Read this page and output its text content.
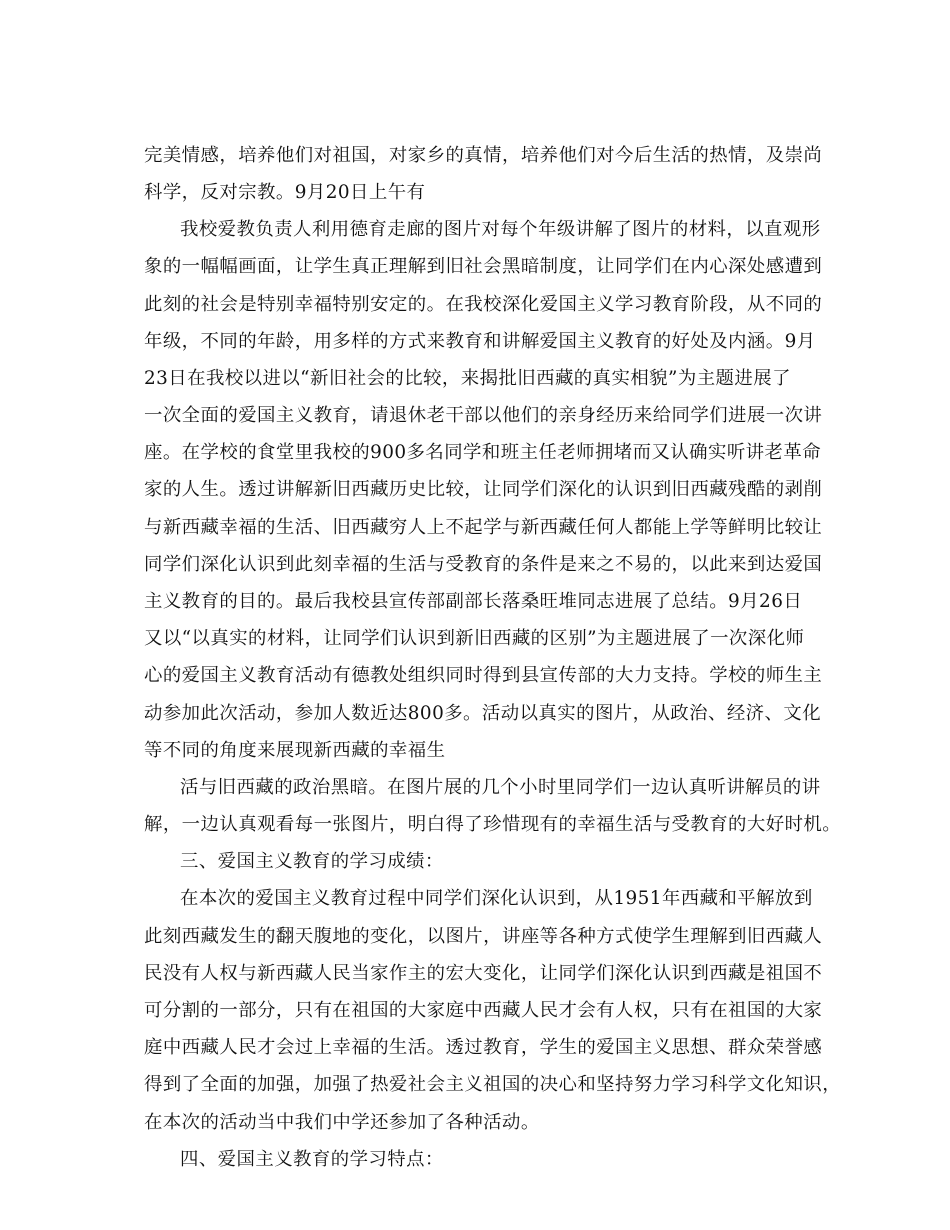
完美情感，培养他们对祖国，对家乡的真情，培养他们对今后生活的热情，及崇尚
科学，反对宗教。9月20日上午有
我校爱教负责人利用德育走廊的图片对每个年级讲解了图片的材料，以直观形
象的一幅幅画面，让学生真正理解到旧社会黑暗制度，让同学们在内心深处感遭到
此刻的社会是特别幸福特别安定的。在我校深化爱国主义学习教育阶段，从不同的
年级，不同的年龄，用多样的方式来教育和讲解爱国主义教育的好处及内涵。9月
23日在我校以进以“新旧社会的比较，来揭批旧西藏的真实相貌”为主题进展了
一次全面的爱国主义教育，请退休老干部以他们的亲身经历来给同学们进展一次讲
座。在学校的食堂里我校的900多名同学和班主任老师拥堵而又认确实听讲老革命
家的人生。透过讲解新旧西藏历史比较，让同学们深化的认识到旧西藏残酷的剥削
与新西藏幸福的生活、旧西藏穷人上不起学与新西藏任何人都能上学等鲜明比较让
同学们深化认识到此刻幸福的生活与受教育的条件是来之不易的，以此来到达爱国
主义教育的目的。最后我校县宣传部副部长落桑旺堆同志进展了总结。9月26日
又以“以真实的材料，让同学们认识到新旧西藏的区别”为主题进展了一次深化师
心的爱国主义教育活动有德教处组织同时得到县宣传部的大力支持。学校的师生主
动参加此次活动，参加人数近达800多。活动以真实的图片，从政治、经济、文化
等不同的角度来展现新西藏的幸福生
活与旧西藏的政治黑暗。在图片展的几个小时里同学们一边认真听讲解员的讲
解，一边认真观看每一张图片，明白得了珍惜现有的幸福生活与受教育的大好时机。
三、爱国主义教育的学习成绩：
在本次的爱国主义教育过程中同学们深化认识到，从1951年西藏和平解放到
此刻西藏发生的翻天腹地的变化，以图片，讲座等各种方式使学生理解到旧西藏人
民没有人权与新西藏人民当家作主的宏大变化，让同学们深化认识到西藏是祖国不
可分割的一部分，只有在祖国的大家庭中西藏人民才会有人权，只有在祖国的大家
庭中西藏人民才会过上幸福的生活。透过教育，学生的爱国主义思想、群众荣誉感
得到了全面的加强，加强了热爱社会主义祖国的决心和坚持努力学习科学文化知识，
在本次的活动当中我们中学还参加了各种活动。
四、爱国主义教育的学习特点：
